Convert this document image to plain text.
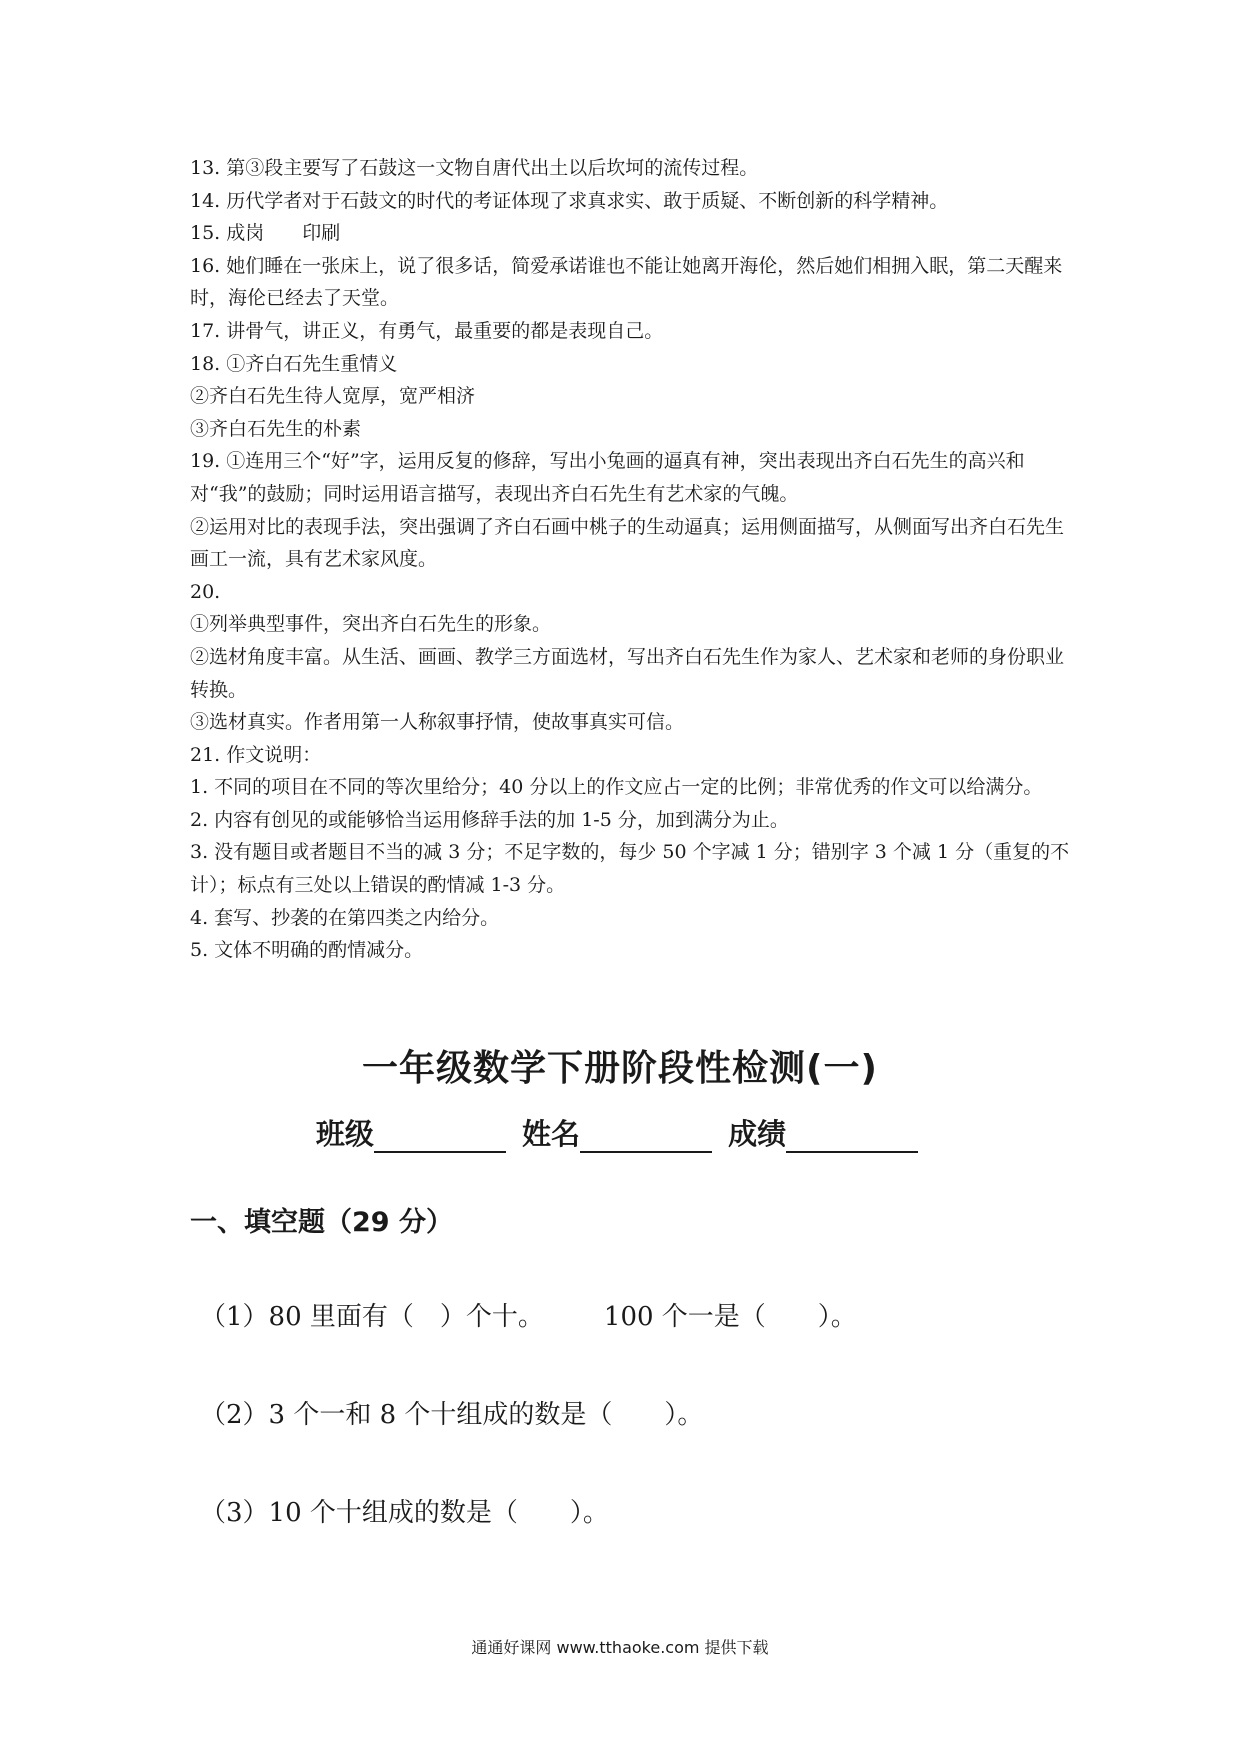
13. 第③段主要写了石鼓这一文物自唐代出土以后坎坷的流传过程。
14. 历代学者对于石鼓文的时代的考证体现了求真求实、敢于质疑、不断创新的科学精神。
15. 成岗　　印刷
16. 她们睡在一张床上，说了很多话，简爱承诺谁也不能让她离开海伦，然后她们相拥入眠，第二天醒来时，海伦已经去了天堂。
17. 讲骨气，讲正义，有勇气，最重要的都是表现自己。
18. ①齐白石先生重情义
②齐白石先生待人宽厚，宽严相济
③齐白石先生的朴素
19. ①连用三个“好”字，运用反复的修辞，写出小兔画的逼真有神，突出表现出齐白石先生的高兴和对“我”的鼓励；同时运用语言描写，表现出齐白石先生有艺术家的气魄。
②运用对比的表现手法，突出强调了齐白石画中桃子的生动逼真；运用侧面描写，从侧面写出齐白石先生画工一流，具有艺术家风度。
20.
①列举典型事件，突出齐白石先生的形象。
②选材角度丰富。从生活、画画、教学三方面选材，写出齐白石先生作为家人、艺术家和老师的身份职业转换。
③选材真实。作者用第一人称叙事抒情，使故事真实可信。
21. 作文说明：
1. 不同的项目在不同的等次里给分；40 分以上的作文应占一定的比例；非常优秀的作文可以给满分。
2. 内容有创见的或能够恰当运用修辞手法的加 1-5 分，加到满分为止。
3. 没有题目或者题目不当的减 3 分；不足字数的，每少 50 个字减 1 分；错别字 3 个减 1 分（重复的不计）；标点有三处以上错误的酌情减 1-3 分。
4. 套写、抄袭的在第四类之内给分。
5. 文体不明确的酌情减分。
一年级数学下册阶段性检测(一)
班级	姓名	成绩
一、填空题（29 分）
（1）80 里面有（　）个十。 100 个一是（　　）。
（2）3 个一和 8 个十组成的数是（　　）。
（3）10 个十组成的数是（　　）。
通通好课网 www.tthaoke.com 提供下载
